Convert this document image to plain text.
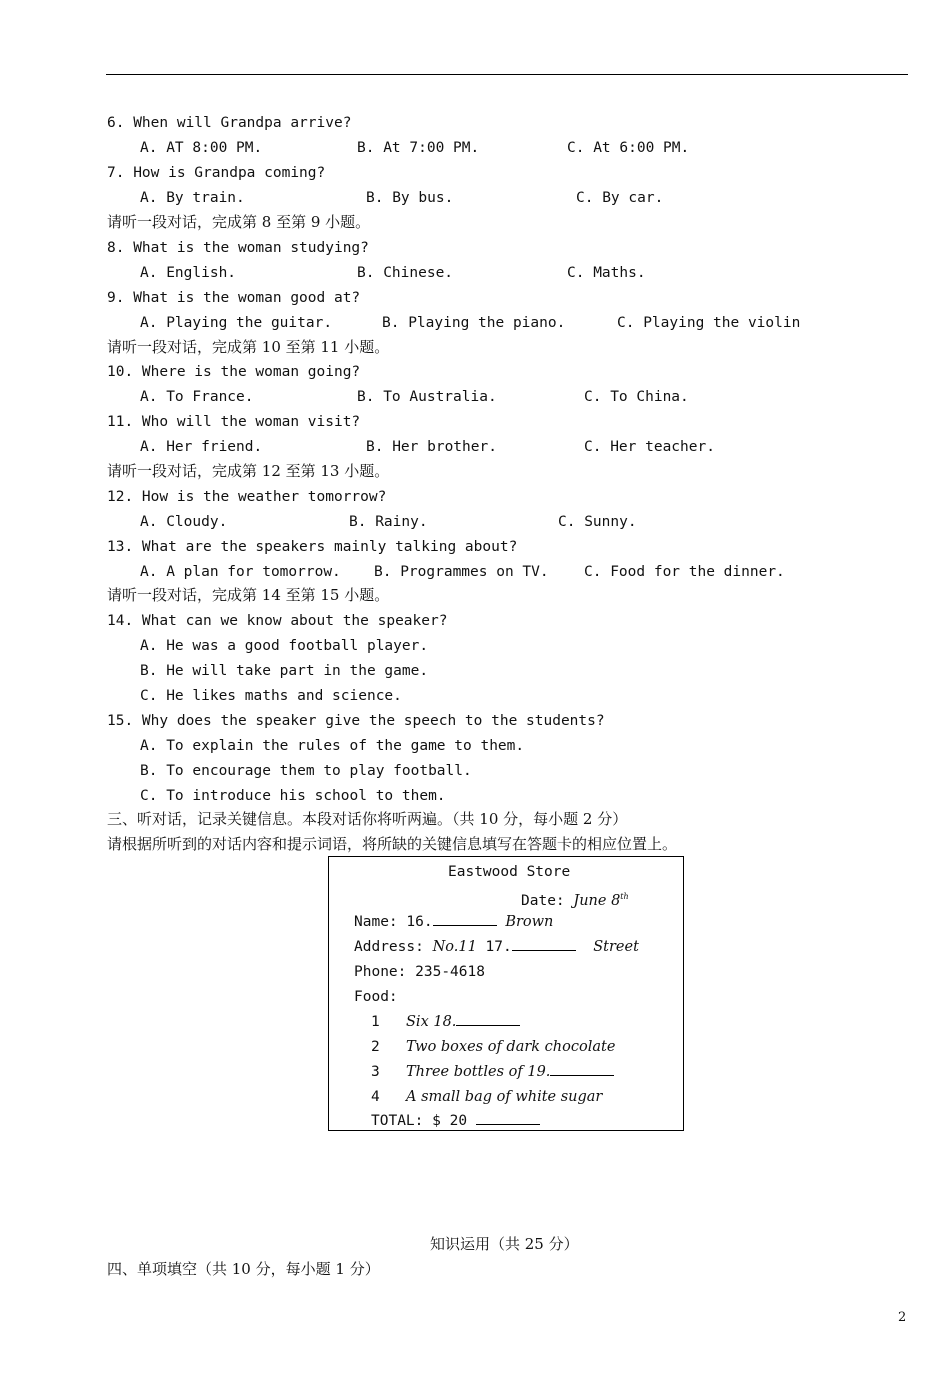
6. When will Grandpa arrive?
A. AT 8:00 PM.	B. At 7:00 PM.	C. At 6:00 PM.
7. How is Grandpa coming?
A. By train.	B. By bus.	C. By car.
请听一段对话，完成第 8 至第 9 小题。
8. What is the woman studying?
A. English.	B. Chinese.	C. Maths.
9. What is the woman good at?
A. Playing the guitar.	B. Playing the piano.	C. Playing the violin
请听一段对话，完成第 10 至第 11 小题。
10. Where is the woman going?
A. To France.	B. To Australia.	C. To China.
11. Who will the woman visit?
A. Her friend.	B. Her brother.	C. Her teacher.
请听一段对话，完成第 12 至第 13 小题。
12. How is the weather tomorrow?
A. Cloudy.	B. Rainy.	C. Sunny.
13. What are the speakers mainly talking about?
A. A plan for tomorrow. B. Programmes on TV. C. Food for the dinner.
请听一段对话，完成第 14 至第 15 小题。
14. What can we know about the speaker?
A. He was a good football player.
B. He will take part in the game.
C. He likes maths and science.
15. Why does the speaker give the speech to the students?
A. To explain the rules of the game to them.
B. To encourage them to play football.
C. To introduce his school to them.
三、听对话，记录关键信息。本段对话你将听两遍。（共 10 分，每小题 2 分）
请根据所听到的对话内容和提示词语，将所缺的关键信息填写在答题卡的相应位置上。
Eastwood Store
Date: June 8th
Name: 16.	Brown
Address: No.11 17.	Street
Phone: 235-4618
Food:
1 Six 18.
2 Two boxes of dark chocolate
3 Three bottles of 19.
4 A small bag of white sugar
TOTAL: $ 20
知识运用（共 25 分）
四、单项填空（共 10 分，每小题 1 分）
2
